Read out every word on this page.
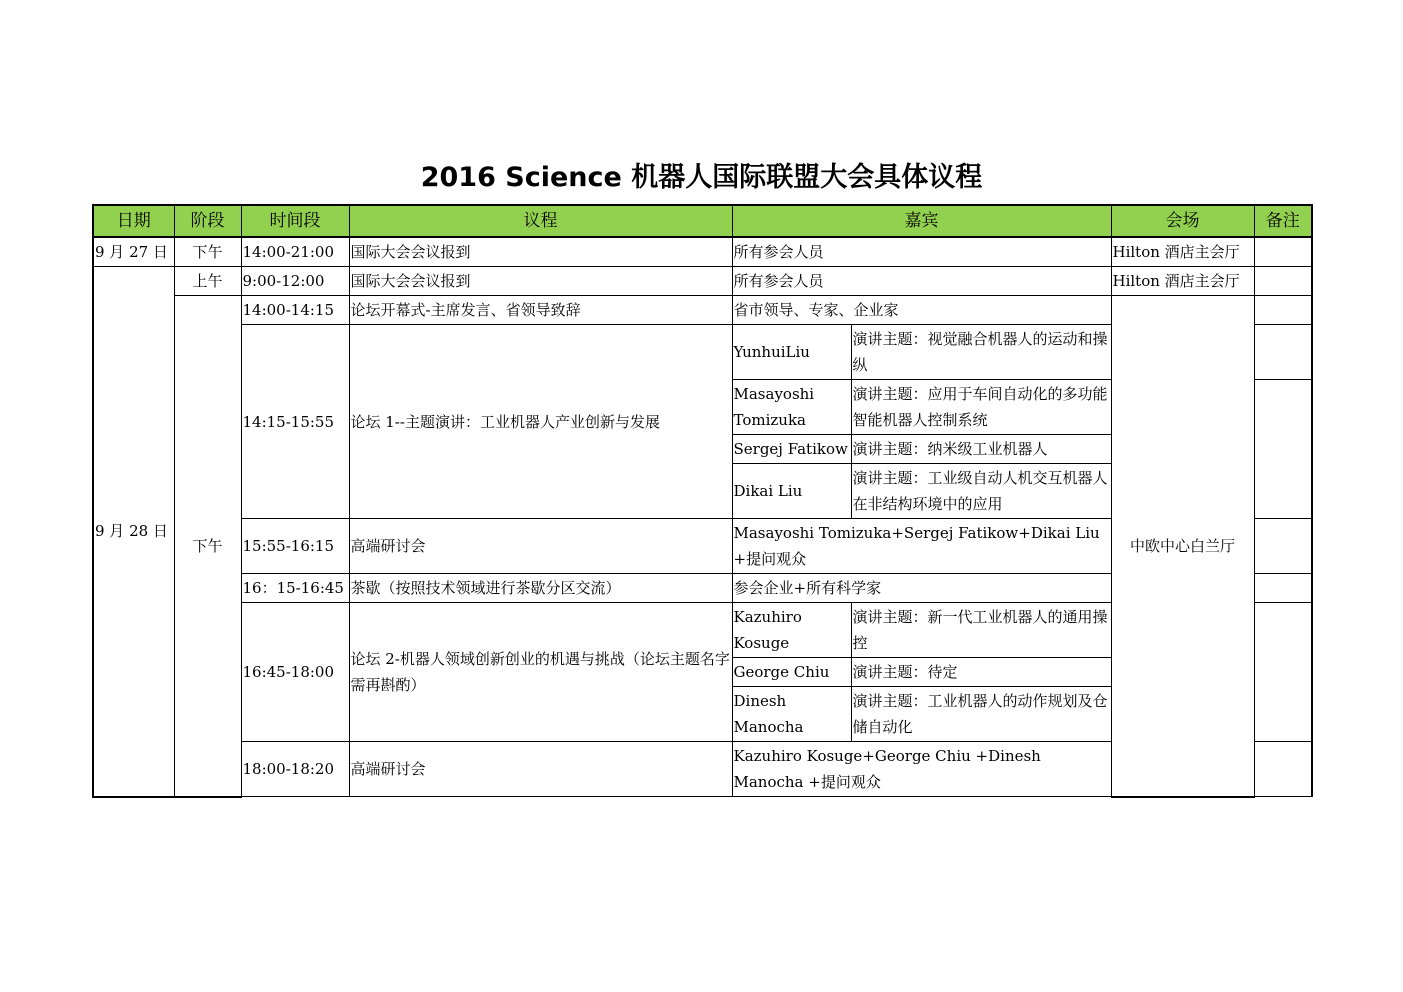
2016 Science 机器人国际联盟大会具体议程
日期	阶段	时间段	议程	嘉宾		会场	备注
9 月 27 日	下午	14:00-21:00	国际大会会议报到	所有参会人员		Hilton 酒店主会厅	
9 月 28 日	上午	9:00-12:00	国际大会会议报到	所有参会人员		Hilton 酒店主会厅	
	下午	14:00-14:15	论坛开幕式-主席发言、省领导致辞	省市领导、专家、企业家		中欧中心白兰厅	
		14:15-15:55	论坛 1--主题演讲：工业机器人产业创新与发展	YunhuiLiu	演讲主题：视觉融合机器人的运动和操纵		
				Masayoshi Tomizuka	演讲主题：应用于车间自动化的多功能智能机器人控制系统		
				Sergej Fatikow	演讲主题：纳米级工业机器人		
				Dikai Liu	演讲主题：工业级自动人机交互机器人在非结构环境中的应用		
		15:55-16:15	高端研讨会	Masayoshi Tomizuka+Sergej Fatikow+Dikai Liu +提问观众			
		16：15-16:45	茶歇（按照技术领域进行茶歇分区交流）	参会企业+所有科学家			
		16:45-18:00	论坛 2-机器人领域创新创业的机遇与挑战（论坛主题名字需再斟酌）	Kazuhiro Kosuge	演讲主题：新一代工业机器人的通用操控		
				George Chiu	演讲主题：待定		
				Dinesh Manocha	演讲主题：工业机器人的动作规划及仓储自动化		
		18:00-18:20	高端研讨会	Kazuhiro Kosuge+George Chiu +Dinesh Manocha +提问观众			
